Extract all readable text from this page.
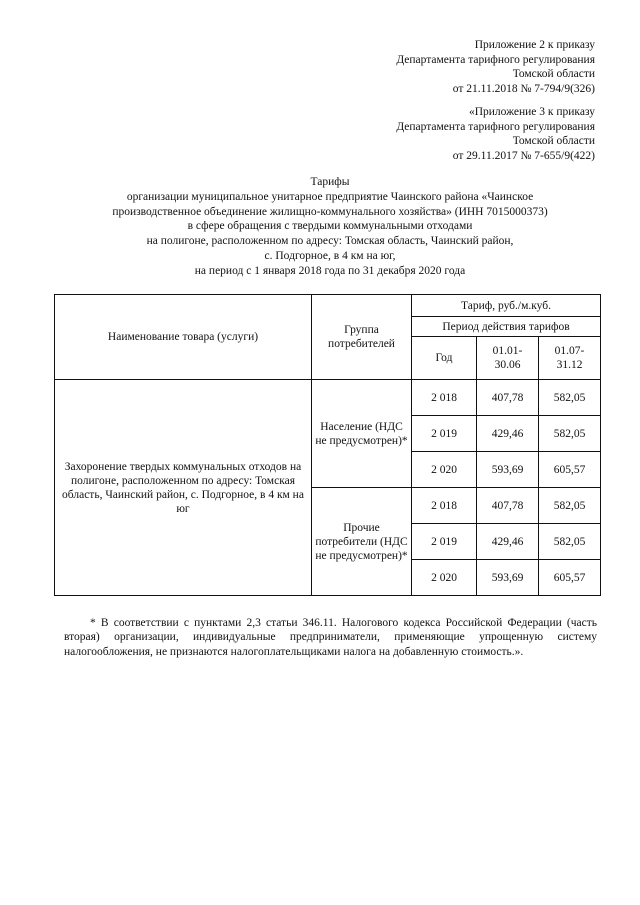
Приложение 2 к приказу
Департамента тарифного регулирования
Томской области
от 21.11.2018 № 7-794/9(326)
«Приложение 3 к приказу
Департамента тарифного регулирования
Томской области
от 29.11.2017 № 7-655/9(422)
Тарифы
организации муниципальное унитарное предприятие Чаинского района «Чаинское
производственное объединение жилищно-коммунального хозяйства» (ИНН 7015000373)
в сфере обращения с твердыми коммунальными отходами
на полигоне, расположенном по адресу: Томская область, Чаинский район,
с. Подгорное, в 4 км на юг,
на период с 1 января 2018 года по 31 декабря 2020 года
Наименование товара (услуги)	Группа потребителей	Тариф, руб./м.куб.		
		Период действия тарифов		
		Год	01.01-30.06	01.07-31.12
Захоронение твердых коммунальных отходов на полигоне, расположенном по адресу: Томская область, Чаинский район, с. Подгорное, в 4 км на юг	Население (НДС не предусмотрен)*	2 018	407,78	582,05
		2 019	429,46	582,05
		2 020	593,69	605,57
	Прочие потребители (НДС не предусмотрен)*	2 018	407,78	582,05
		2 019	429,46	582,05
		2 020	593,69	605,57

* В соответствии с пунктами 2,3 статьи 346.11. Налогового кодекса Российской Федерации (часть вторая) организации, индивидуальные предприниматели, применяющие упрощенную систему налогообложения, не признаются налогоплательщиками налога на добавленную стоимость.».
